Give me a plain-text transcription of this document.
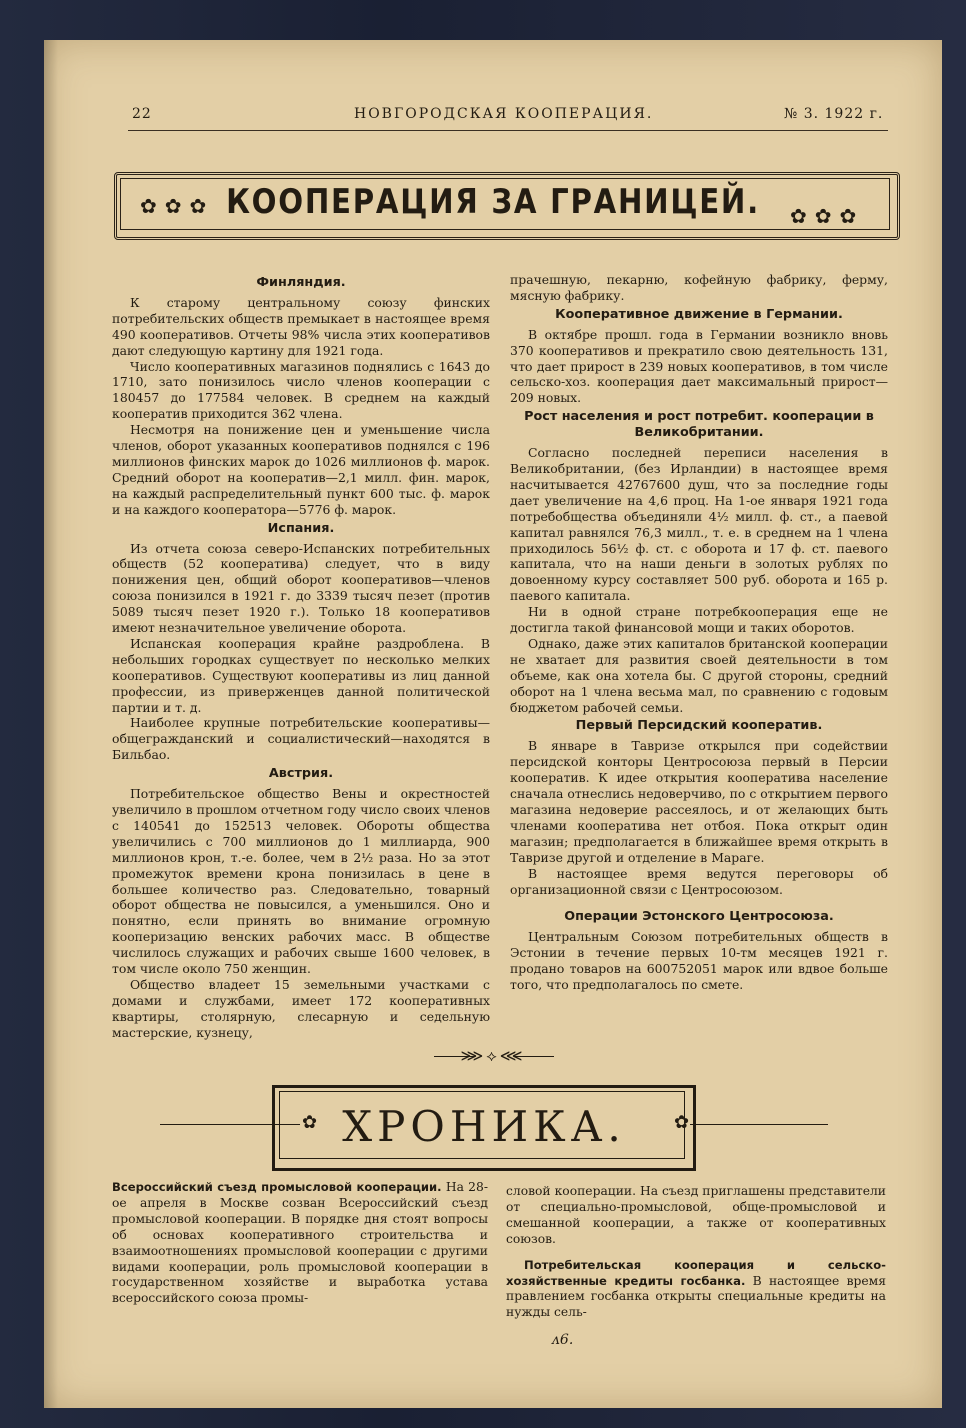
22	НОВГОРОДСКАЯ КООПЕРАЦИЯ.	№ 3. 1922 г.
✿✿✿	✿✿✿
КООПЕРАЦИЯ ЗА ГРАНИЦЕЙ.
Финляндия.

К старому центральному союзу финских потребительских обществ премыкает в настоящее время 490 кооперативов. Отчеты 98% числа этих кооперативов дают следующую картину для 1921 года.

Число кооперативных магазинов поднялись с 1643 до 1710, зато понизилось число членов кооперации с 180457 до 177584 человек. В среднем на каждый кооператив приходится 362 члена.

Несмотря на понижение цен и уменьшение числа членов, оборот указанных кооперативов поднялся с 196 миллионов финских марок до 1026 миллионов ф. марок. Средний оборот на кооператив—2,1 милл. фин. марок, на каждый распределительный пункт 600 тыс. ф. марок и на каждого кооператора—5776 ф. марок.

Испания.

Из отчета союза северо-Испанских потребительных обществ (52 кооператива) следует, что в виду понижения цен, общий оборот кооперативов—членов союза понизился в 1921 г. до 3339 тысяч пезет (против 5089 тысяч пезет 1920 г.). Только 18 кооперативов имеют незначительное увеличение оборота.

Испанская кооперация крайне раздроблена. В небольших городках существует по несколько мелких кооперативов. Существуют кооперативы из лиц данной профессии, из приверженцев данной политической партии и т. д.

Наиболее крупные потребительские кооперативы—общегражданский и социалистический—находятся в Бильбао.

Австрия.

Потребительское общество Вены и окрестностей увеличило в прошлом отчетном году число своих членов с 140541 до 152513 человек. Обороты общества увеличились с 700 миллионов до 1 миллиарда, 900 миллионов крон, т.-е. более, чем в 2½ раза. Но за этот промежуток времени крона понизилась в цене в большее количество раз. Следовательно, товарный оборот общества не повысился, а уменьшился. Оно и понятно, если принять во внимание огромную кооперизацию венских рабочих масс. В обществе числилось служащих и рабочих свыше 1600 человек, в том числе около 750 женщин.

Общество владеет 15 земельными участками с домами и службами, имеет 172 кооперативных квартиры, столярную, слесарную и седельную мастерские, кузнецу,

прачешную, пекарню, кофейную фабрику, ферму, мясную фабрику.

Кооперативное движение в Германии.

В октябре прошл. года в Германии возникло вновь 370 кооперативов и прекратило свою деятельность 131, что дает прирост в 239 новых кооперативов, в том числе сельско-хоз. кооперация дает максимальный прирост—209 новых.

Рост населения и рост потребит. кооперации в Великобритании.

Согласно последней переписи населения в Великобритании, (без Ирландии) в настоящее время насчитывается 42767600 душ, что за последние годы дает увеличение на 4,6 проц. На 1-ое января 1921 года потребобщества объединяли 4½ милл. ф. ст., а паевой капитал равнялся 76,3 милл., т. е. в среднем на 1 члена приходилось 56½ ф. ст. с оборота и 17 ф. ст. паевого капитала, что на наши деньги в золотых рублях по довоенному курсу составляет 500 руб. оборота и 165 р. паевого капитала.

Ни в одной стране потребкооперация еще не достигла такой финансовой мощи и таких оборотов.

Однако, даже этих капиталов британской кооперации не хватает для развития своей деятельности в том объеме, как она хотела бы. С другой стороны, средний оборот на 1 члена весьма мал, по сравнению с годовым бюджетом рабочей семьи.

Первый Персидский кооператив.

В январе в Тавризе открылся при содействии персидской конторы Центросоюза первый в Персии кооператив. К идее открытия кооператива население сначала отнеслись недоверчиво, по с открытием первого магазина недоверие рассеялось, и от желающих быть членами кооператива нет отбоя. Пока открыт один магазин; предполагается в ближайшее время открыть в Тавризе другой и отделение в Мараге.

В настоящее время ведутся переговоры об организационной связи с Центросоюзом.

Операции Эстонского Центросоюза.

Центральным Союзом потребительных обществ в Эстонии в течение первых 10-тм месяцев 1921 г. продано товаров на 600752051 марок или вдвое больше того, что предполагалось по смете.

⋙⟡⋘
✿	✿
ХРОНИКА.

Всероссийский съезд промысловой кооперации. На 28-ое апреля в Москве созван Всероссийский съезд промысловой кооперации. В порядке дня стоят вопросы об основах кооперативного строительства и взаимоотношениях промысловой кооперации с другими видами кооперации, роль промысловой кооперации в государственном хозяйстве и выработка устава всероссийского союза промы-

словой кооперации. На съезд приглашены представители от специально-промысловой, обще-промысловой и смешанной кооперации, а также от кооперативных союзов.

Потребительская кооперация и сельско-хозяйственные кредиты госбанка. В настоящее время правлением госбанка открыты специальные кредиты на нужды сель-

ᴧ6.
